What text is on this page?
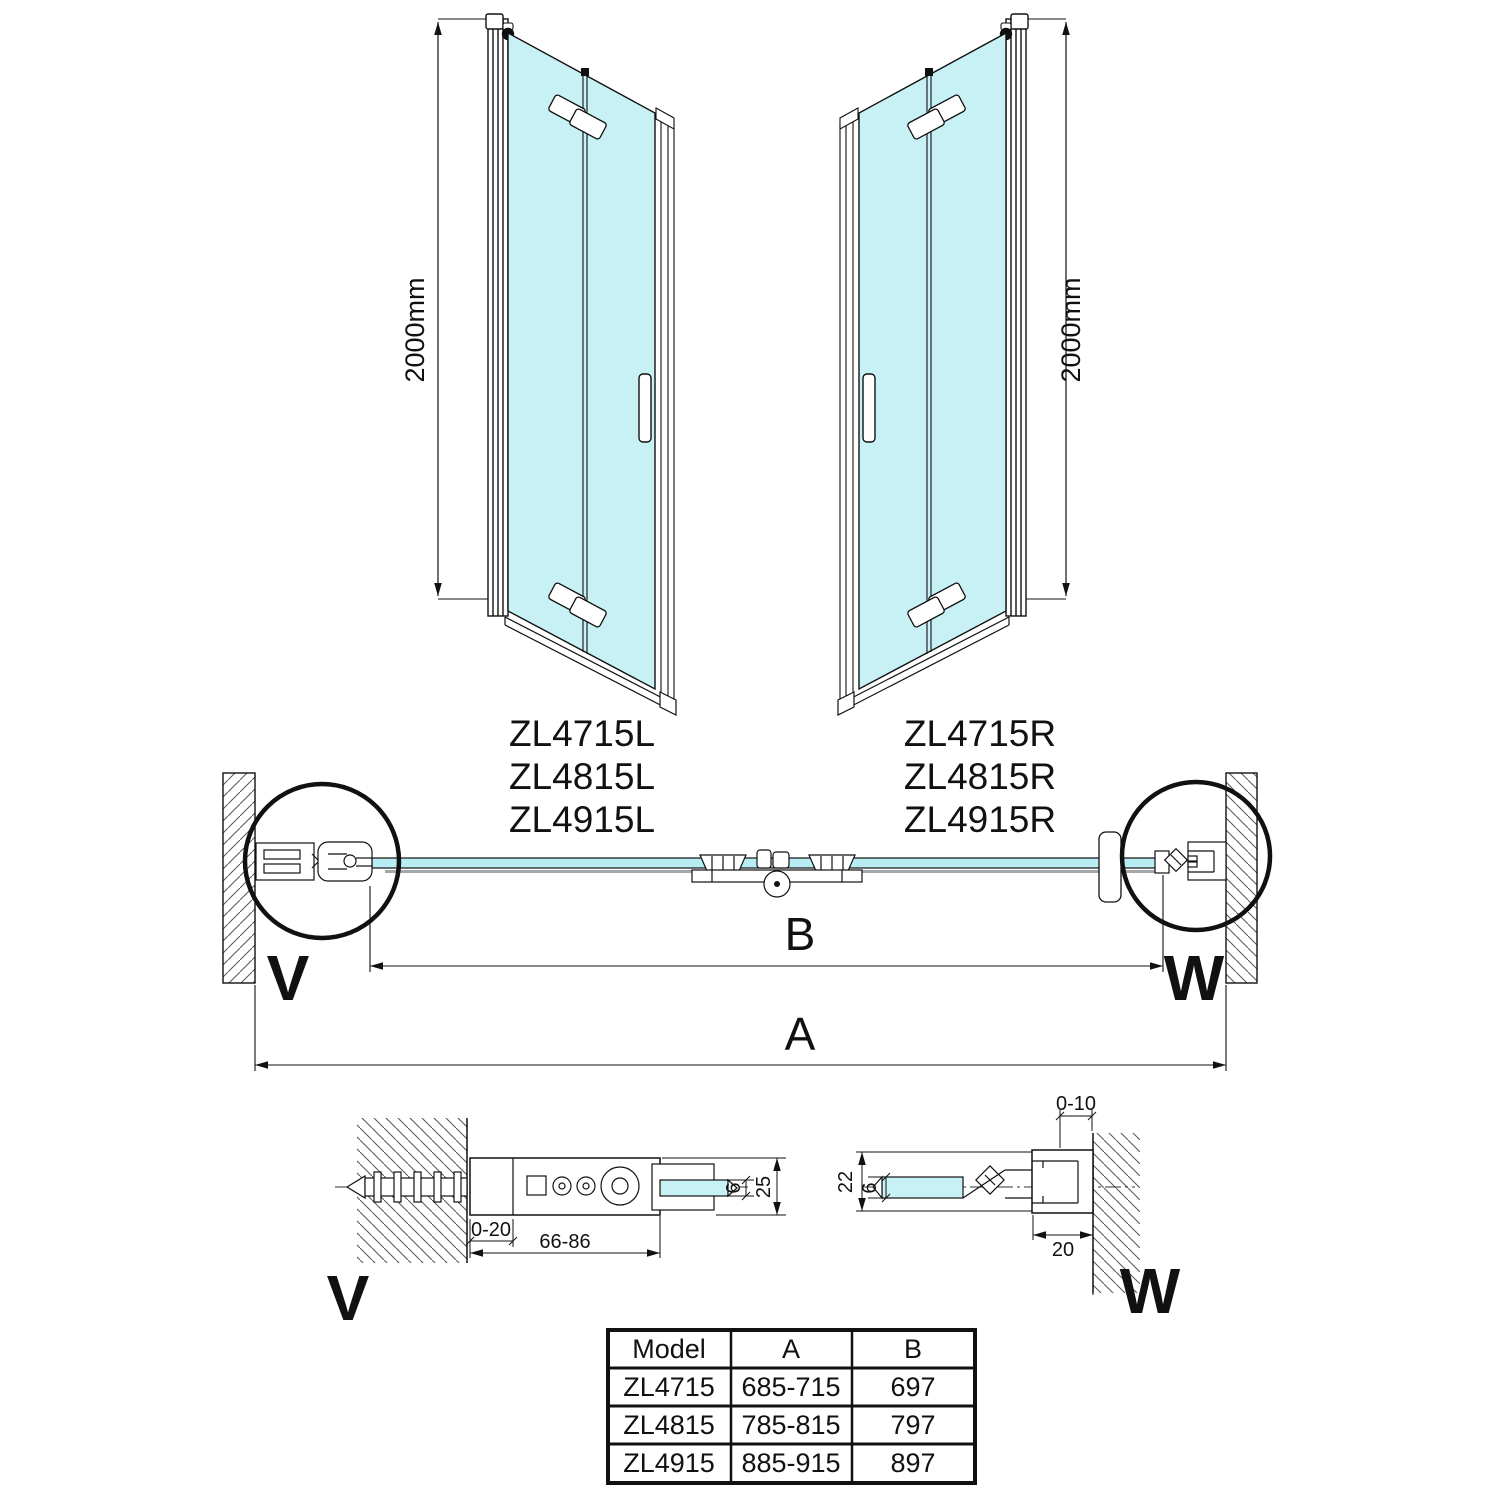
2000mm	2000mm
ZL4715L
ZL4815L
ZL4915L
ZL4715R
ZL4815R
ZL4915R
B
A
V	W
0-20
66-86
6 25
V
0-10
22 6
20
W
Model	A	B
ZL4715 685-715 697
ZL4815 785-815 797
ZL4915 885-915 897
